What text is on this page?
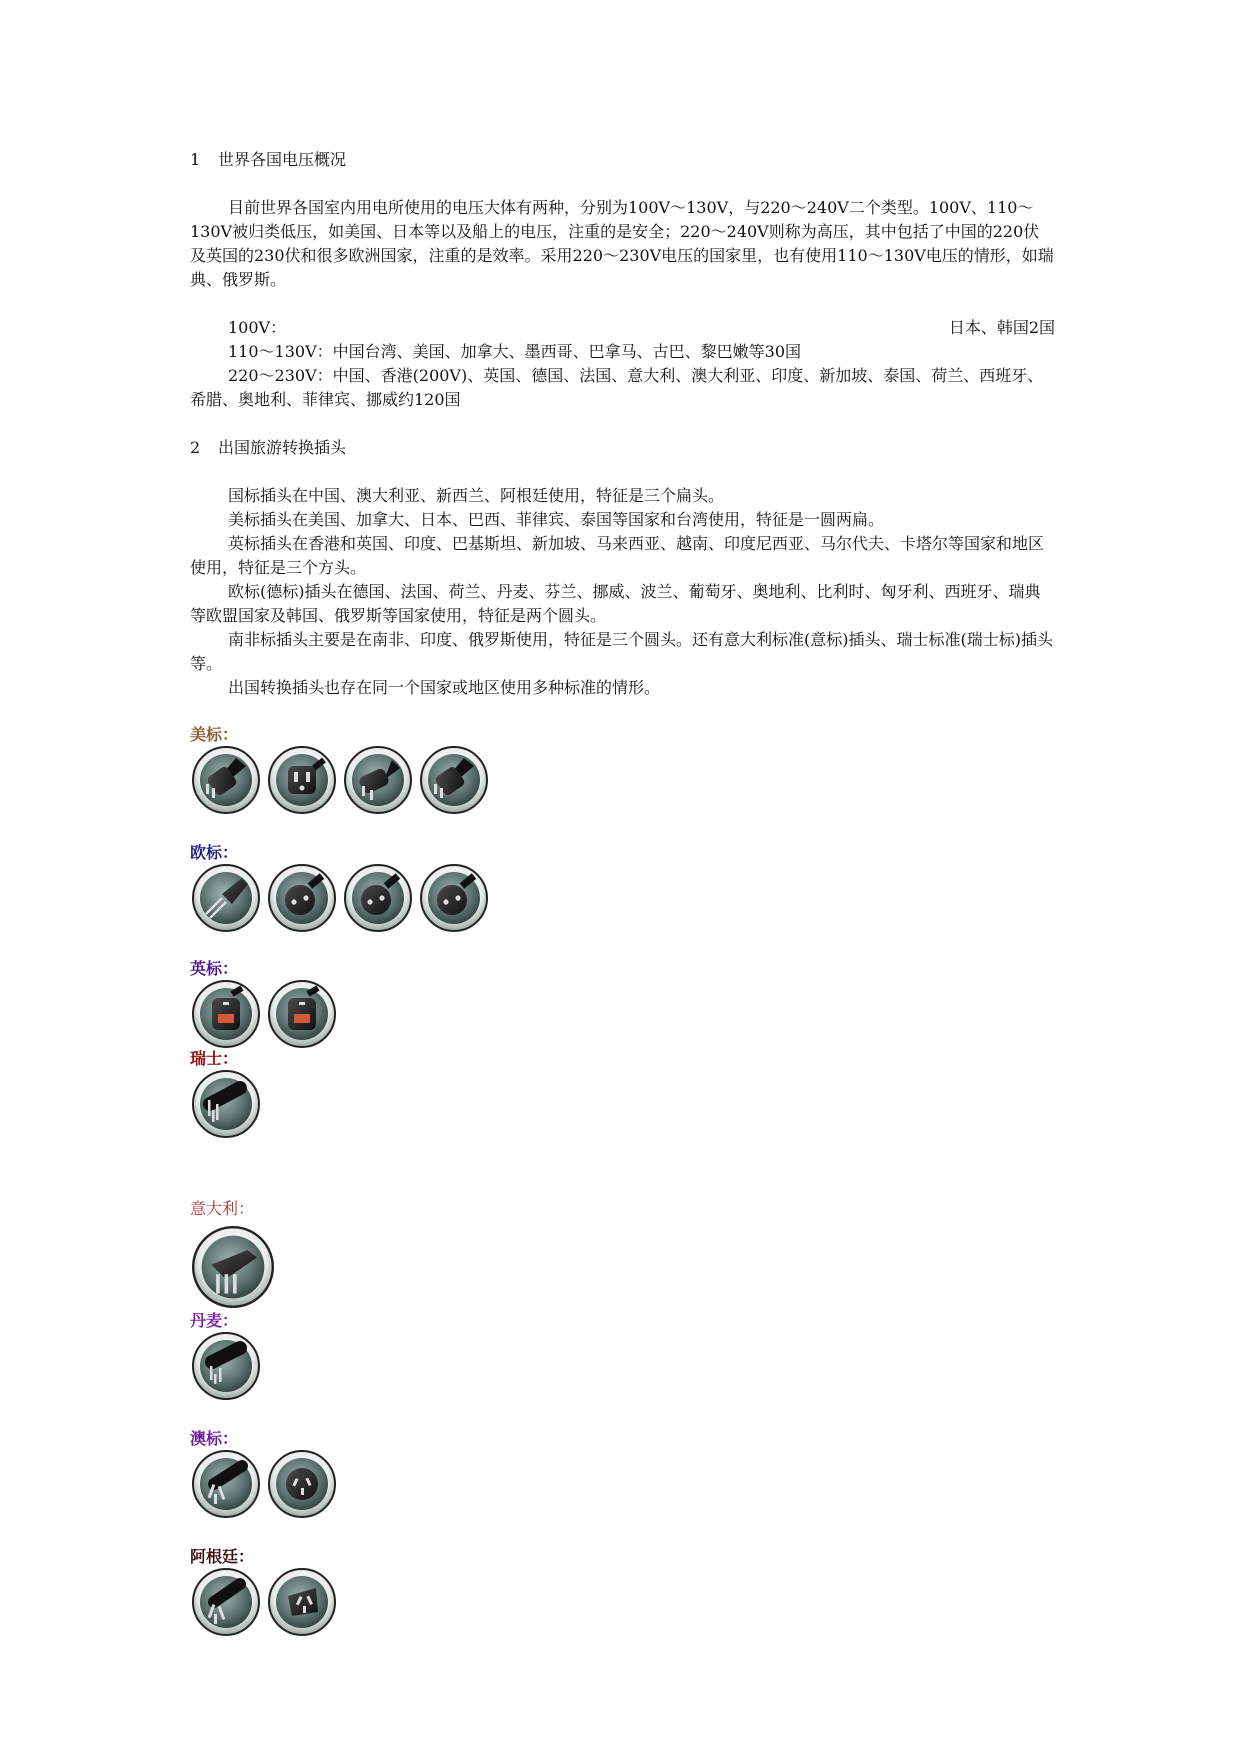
1 世界各国电压概况

目前世界各国室内用电所使用的电压大体有两种，分别为100V～130V，与220～240V二个类型。100V、110～130V被归类低压，如美国、日本等以及船上的电压，注重的是安全；220～240V则称为高压，其中包括了中国的220伏及英国的230伏和很多欧洲国家，注重的是效率。采用220～230V电压的国家里，也有使用110～130V电压的情形，如瑞典、俄罗斯。

100V：	日本、韩国2国

110～130V：中国台湾、美国、加拿大、墨西哥、巴拿马、古巴、黎巴嫩等30国

220～230V：中国、香港(200V)、英国、德国、法国、意大利、澳大利亚、印度、新加坡、泰国、荷兰、西班牙、希腊、奥地利、菲律宾、挪威约120国

2 出国旅游转换插头

国标插头在中国、澳大利亚、新西兰、阿根廷使用，特征是三个扁头。

美标插头在美国、加拿大、日本、巴西、菲律宾、泰国等国家和台湾使用，特征是一圆两扁。

英标插头在香港和英国、印度、巴基斯坦、新加坡、马来西亚、越南、印度尼西亚、马尔代夫、卡塔尔等国家和地区使用，特征是三个方头。

欧标(德标)插头在德国、法国、荷兰、丹麦、芬兰、挪威、波兰、葡萄牙、奥地利、比利时、匈牙利、西班牙、瑞典等欧盟国家及韩国、俄罗斯等国家使用，特征是两个圆头。

南非标插头主要是在南非、印度、俄罗斯使用，特征是三个圆头。还有意大利标准(意标)插头、瑞士标准(瑞士标)插头等。

出国转换插头也存在同一个国家或地区使用多种标准的情形。

美标：
欧标：
英标：
瑞士：
意大利：
丹麦：
澳标：
阿根廷：
